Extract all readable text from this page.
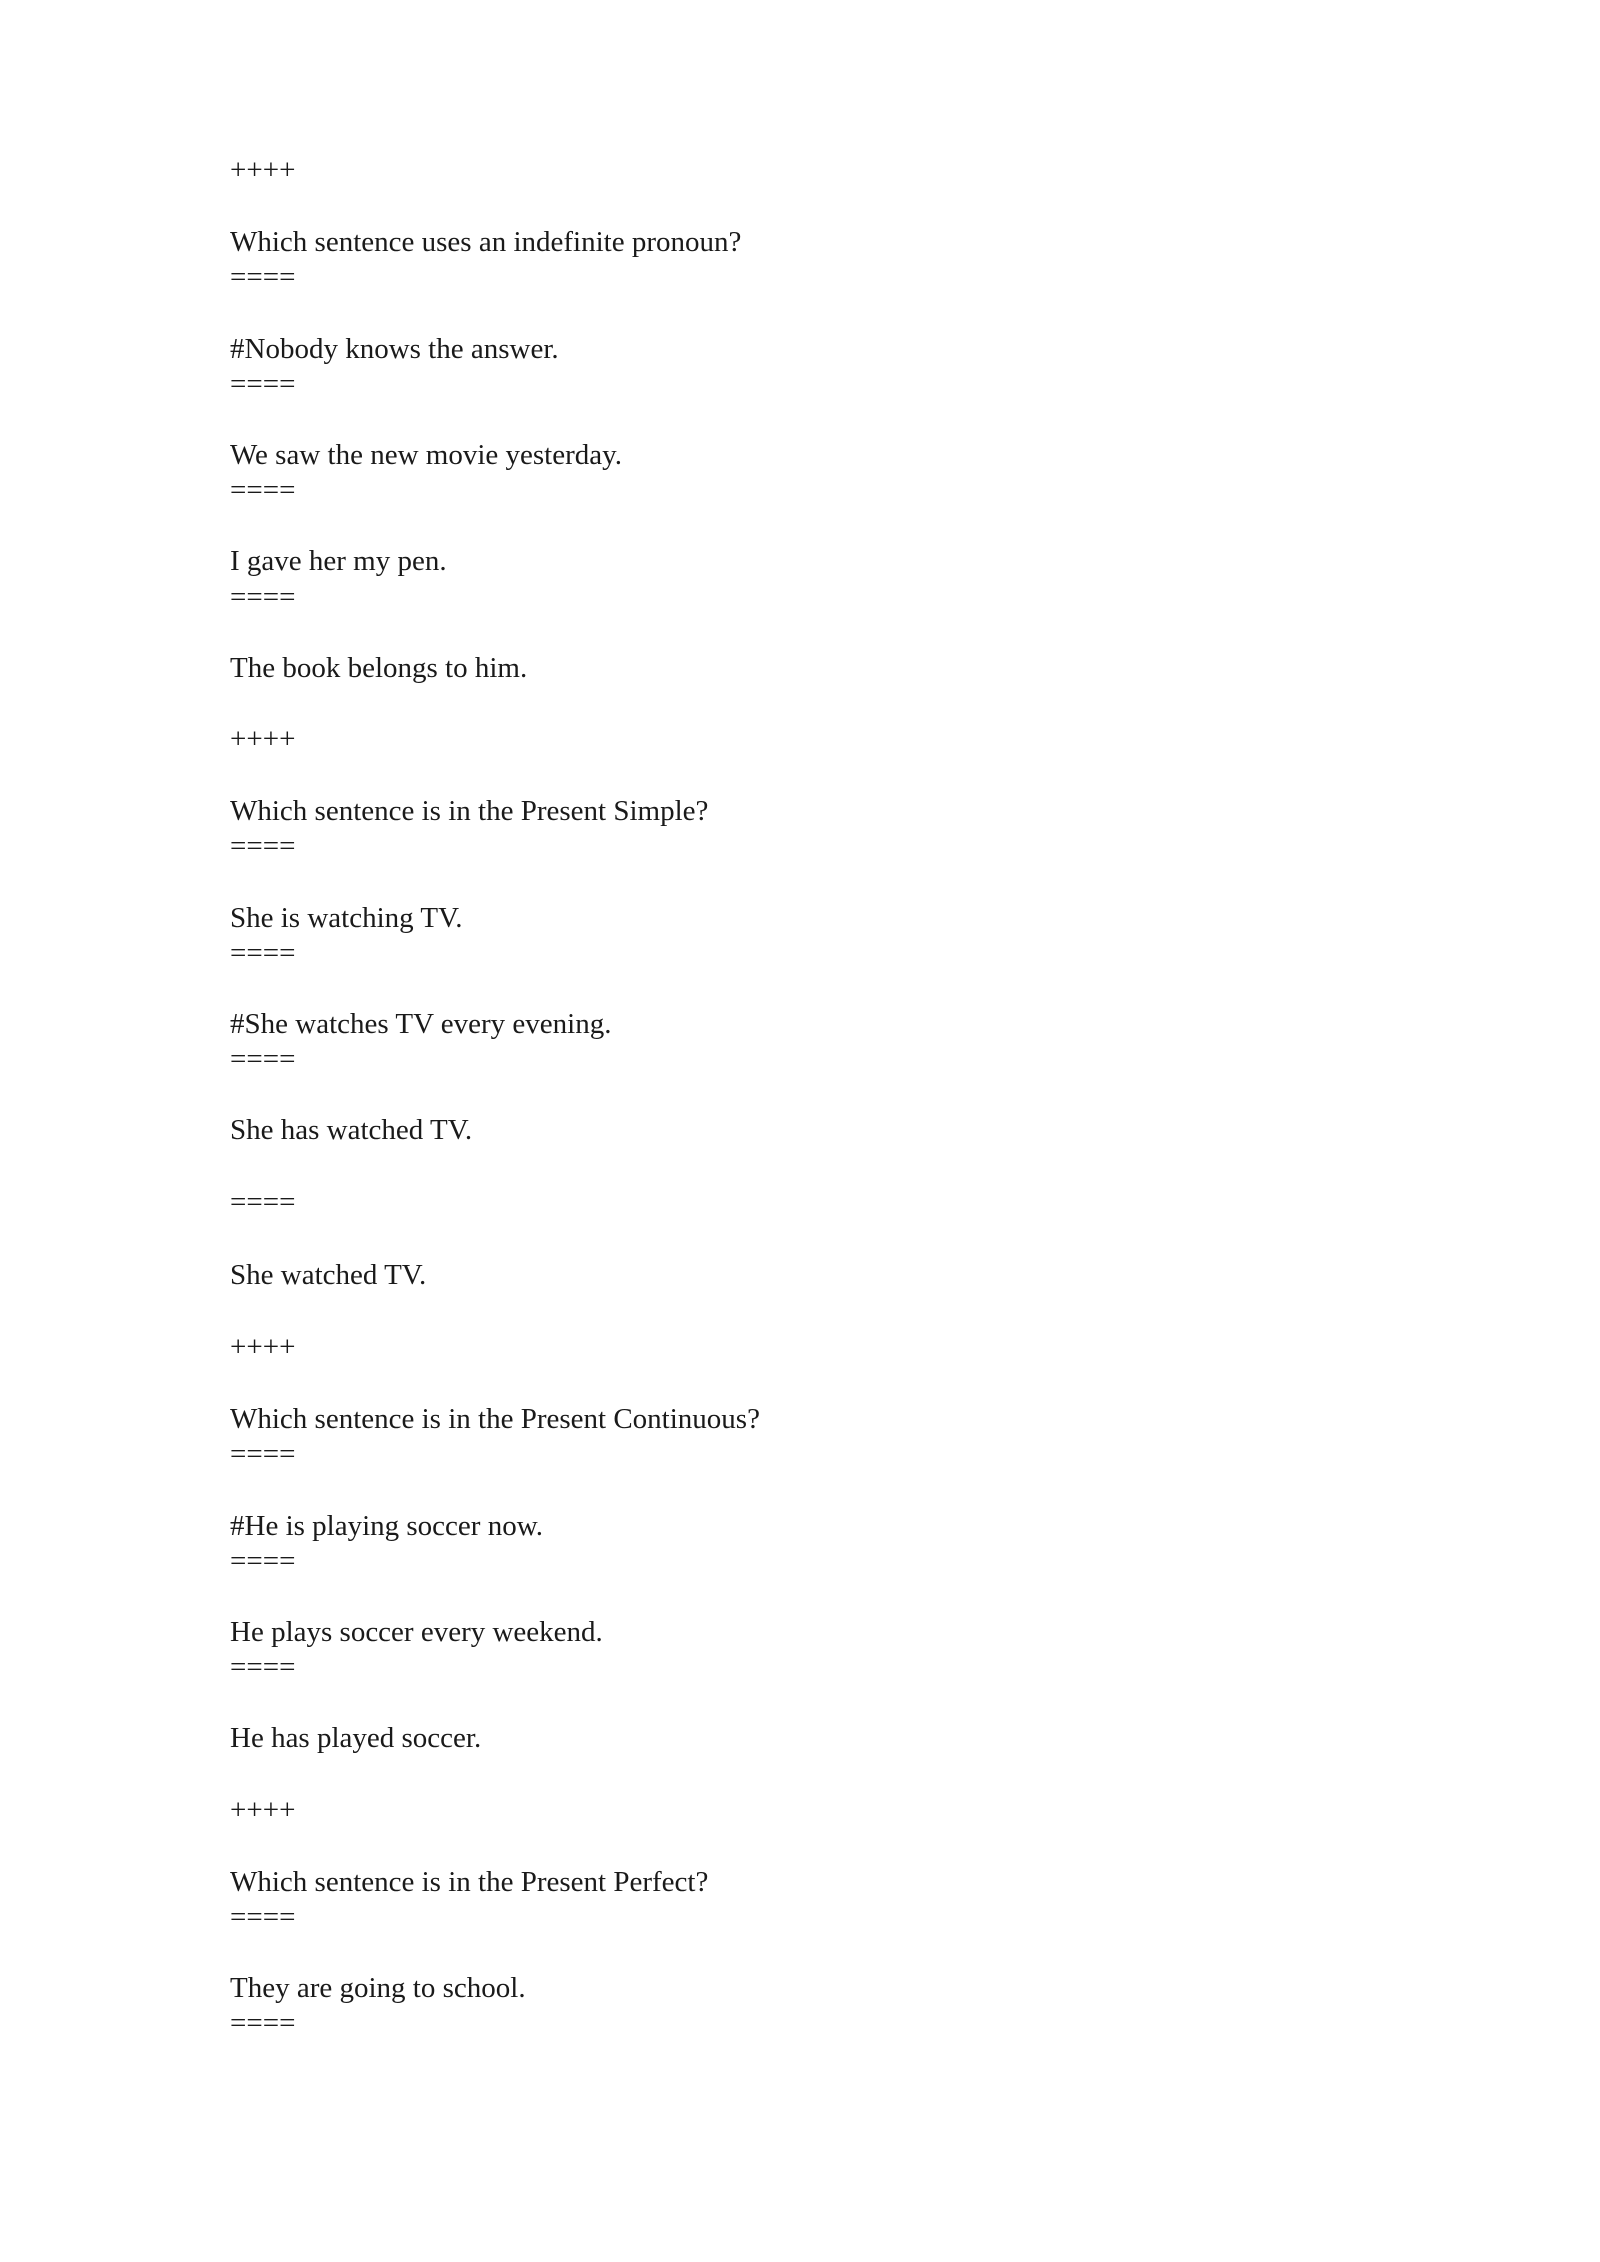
++++
Which sentence uses an indefinite pronoun?
====
#Nobody knows the answer.
====
We saw the new movie yesterday.
====
I gave her my pen.
====
The book belongs to him.
++++
Which sentence is in the Present Simple?
====
She is watching TV.
====
#She watches TV every evening.
====
She has watched TV.
====
She watched TV.
++++
Which sentence is in the Present Continuous?
====
#He is playing soccer now.
====
He plays soccer every weekend.
====
He has played soccer.
++++
Which sentence is in the Present Perfect?
====
They are going to school.
====
